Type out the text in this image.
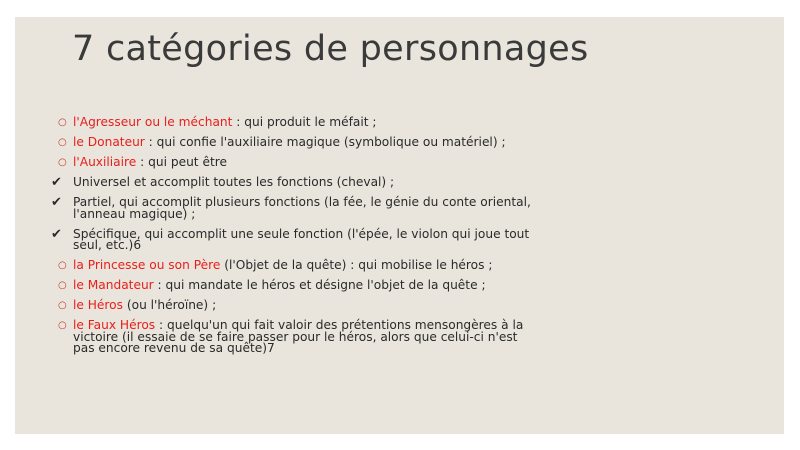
7 catégories de personnages
○ l'Agresseur ou le méchant : qui produit le méfait ;
○ le Donateur : qui confie l'auxiliaire magique (symbolique ou matériel) ;
○ l'Auxiliaire : qui peut être
✔ Universel et accomplit toutes les fonctions (cheval) ;
✔ Partiel, qui accomplit plusieurs fonctions (la fée, le génie du conte oriental, l'anneau magique) ;
✔ Spécifique, qui accomplit une seule fonction (l'épée, le violon qui joue tout seul, etc.)6
○ la Princesse ou son Père (l'Objet de la quête) : qui mobilise le héros ;
○ le Mandateur : qui mandate le héros et désigne l'objet de la quête ;
○ le Héros (ou l'héroïne) ;
○ le Faux Héros : quelqu'un qui fait valoir des prétentions mensongères à la victoire (il essaie de se faire passer pour le héros, alors que celui-ci n'est pas encore revenu de sa quête)7
